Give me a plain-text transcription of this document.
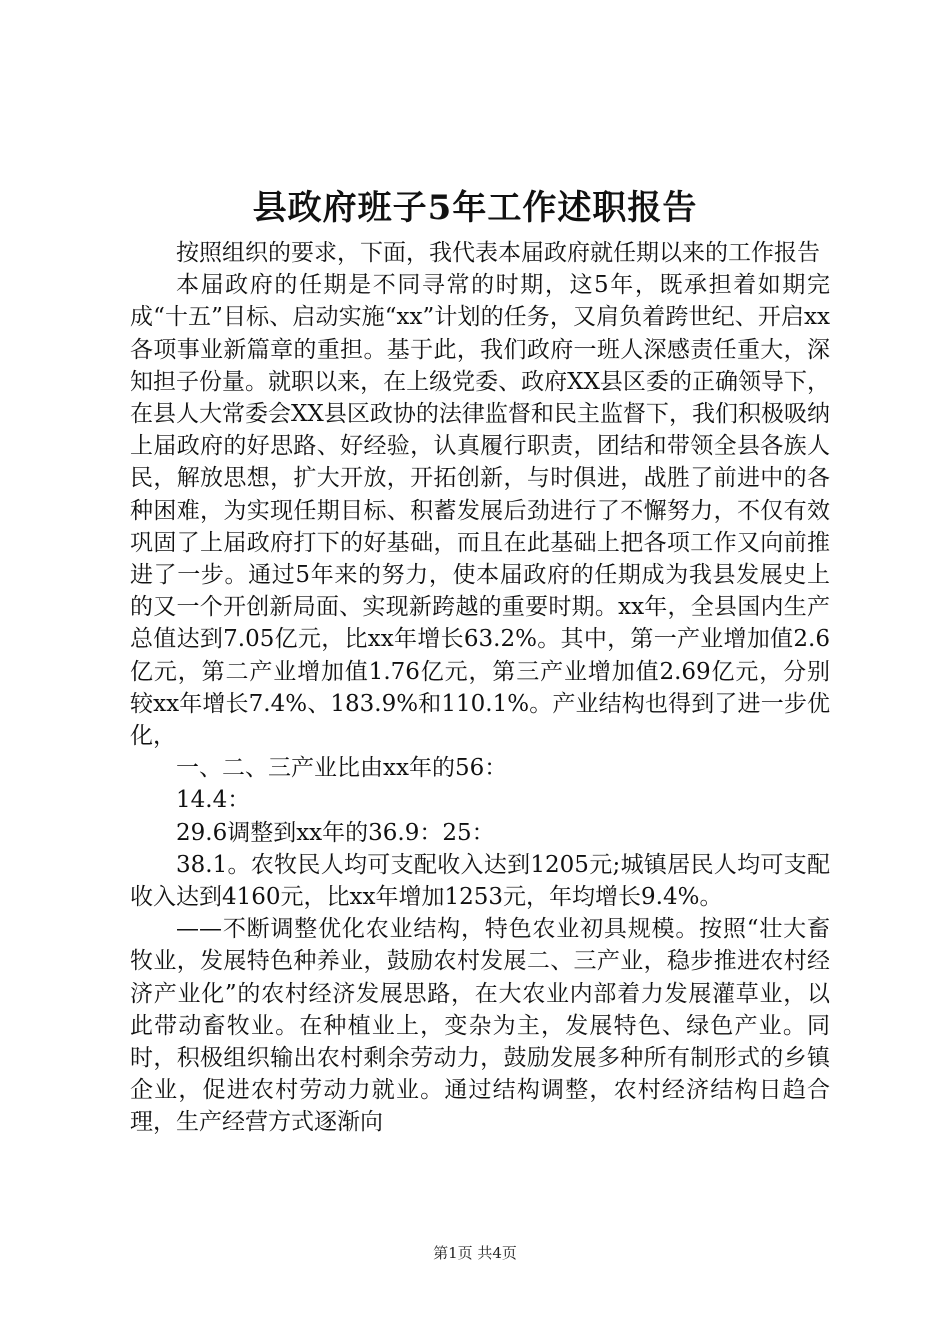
县政府班子5年工作述职报告

按照组织的要求，下面，我代表本届政府就任期以来的工作报告

本届政府的任期是不同寻常的时期，这5年，既承担着如期完成“十五”目标、启动实施“xx”计划的任务，又肩负着跨世纪、开启xx各项事业新篇章的重担。基于此，我们政府一班人深感责任重大，深知担子份量。就职以来，在上级党委、政府XX县区委的正确领导下，在县人大常委会XX县区政协的法律监督和民主监督下，我们积极吸纳上届政府的好思路、好经验，认真履行职责，团结和带领全县各族人民，解放思想，扩大开放，开拓创新，与时俱进，战胜了前进中的各种困难，为实现任期目标、积蓄发展后劲进行了不懈努力，不仅有效巩固了上届政府打下的好基础，而且在此基础上把各项工作又向前推进了一步。通过5年来的努力，使本届政府的任期成为我县发展史上的又一个开创新局面、实现新跨越的重要时期。xx年，全县国内生产总值达到7.05亿元，比xx年增长63.2%。其中，第一产业增加值2.6亿元，第二产业增加值1.76亿元，第三产业增加值2.69亿元，分别较xx年增长7.4%、183.9%和110.1%。产业结构也得到了进一步优化，

一、二、三产业比由xx年的56：

14.4：

29.6调整到xx年的36.9：25：

38.1。农牧民人均可支配收入达到1205元;城镇居民人均可支配收入达到4160元，比xx年增加1253元，年均增长9.4%。

——不断调整优化农业结构，特色农业初具规模。按照“壮大畜牧业，发展特色种养业，鼓励农村发展二、三产业，稳步推进农村经济产业化”的农村经济发展思路，在大农业内部着力发展灌草业，以此带动畜牧业。在种植业上，变杂为主，发展特色、绿色产业。同时，积极组织输出农村剩余劳动力，鼓励发展多种所有制形式的乡镇企业，促进农村劳动力就业。通过结构调整，农村经济结构日趋合理，生产经营方式逐渐向

第1页 共4页
